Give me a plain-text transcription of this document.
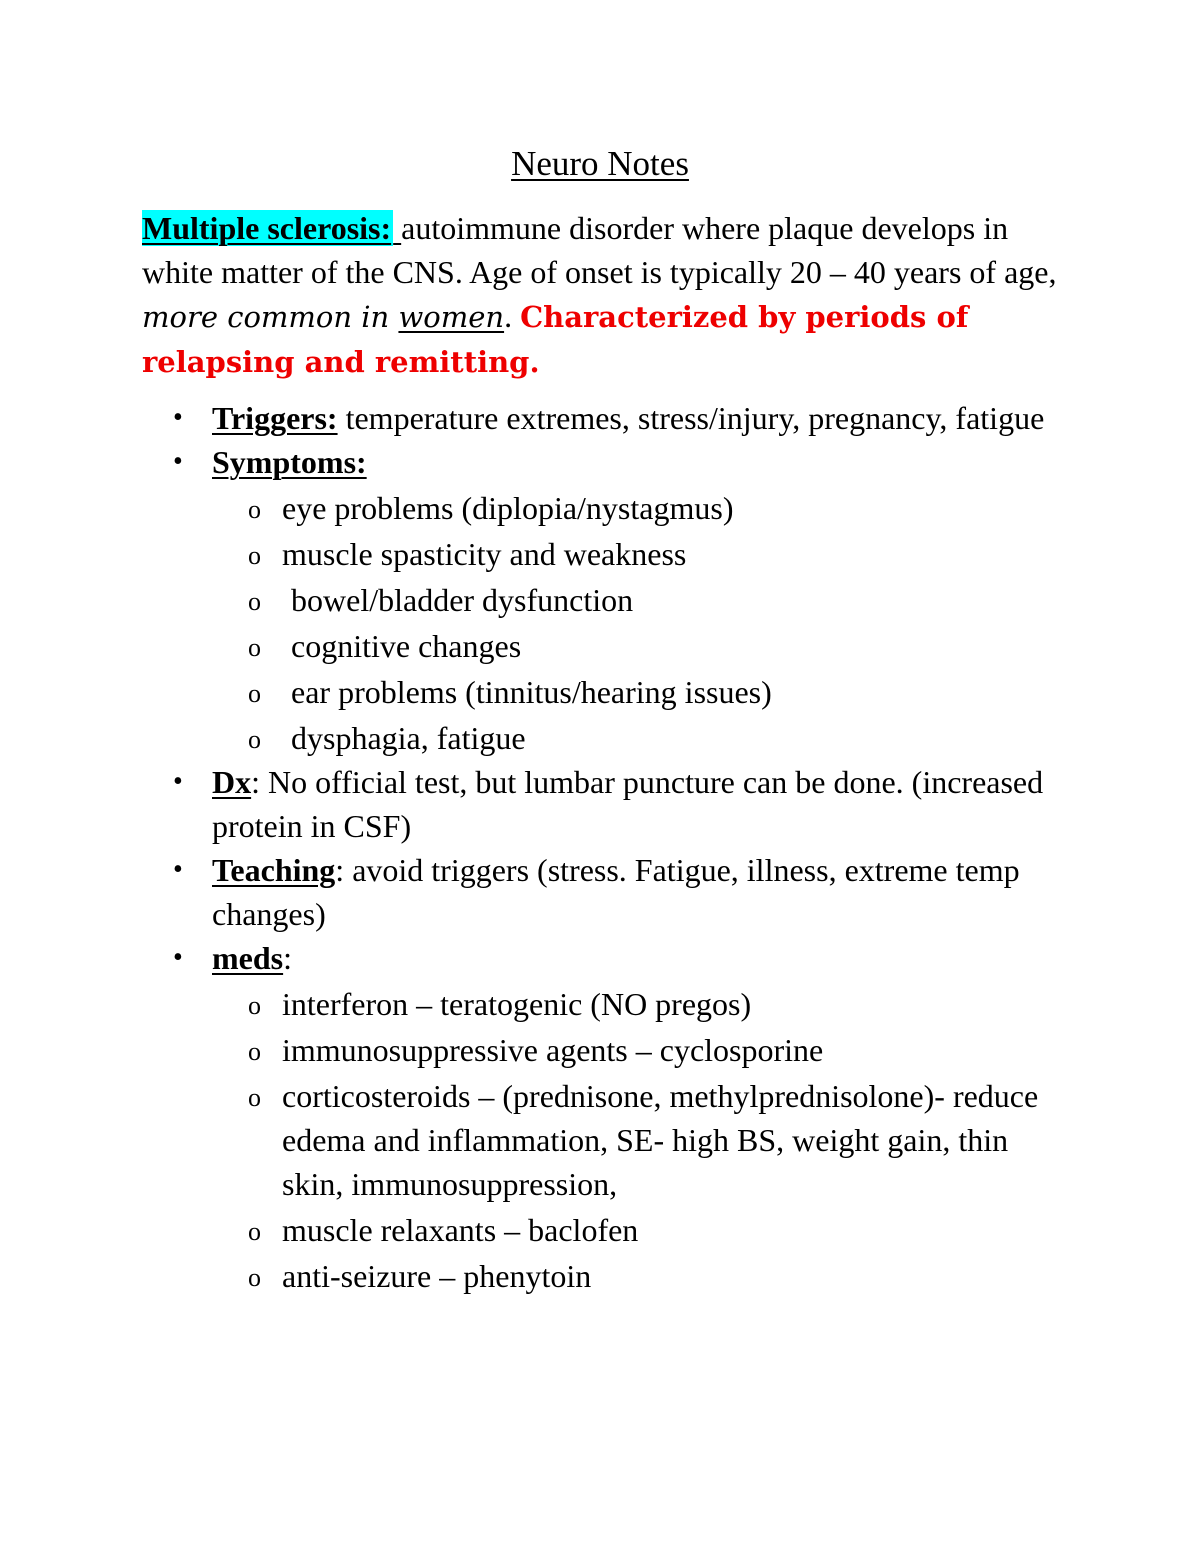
Neuro Notes
Multiple sclerosis: autoimmune disorder where plaque develops in white matter of the CNS. Age of onset is typically 20 – 40 years of age, more common in women. Characterized by periods of relapsing and remitting.
• Triggers: temperature extremes, stress/injury, pregnancy, fatigue
• Symptoms:
o eye problems (diplopia/nystagmus)
o muscle spasticity and weakness
o bowel/bladder dysfunction
o cognitive changes
o ear problems (tinnitus/hearing issues)
o dysphagia, fatigue
• Dx: No official test, but lumbar puncture can be done. (increased protein in CSF)
• Teaching: avoid triggers (stress. Fatigue, illness, extreme temp changes)
• meds:
o interferon – teratogenic (NO pregos)
o immunosuppressive agents – cyclosporine
o corticosteroids – (prednisone, methylprednisolone)- reduce edema and inflammation, SE- high BS, weight gain, thin skin, immunosuppression,
o muscle relaxants – baclofen
o anti-seizure – phenytoin
